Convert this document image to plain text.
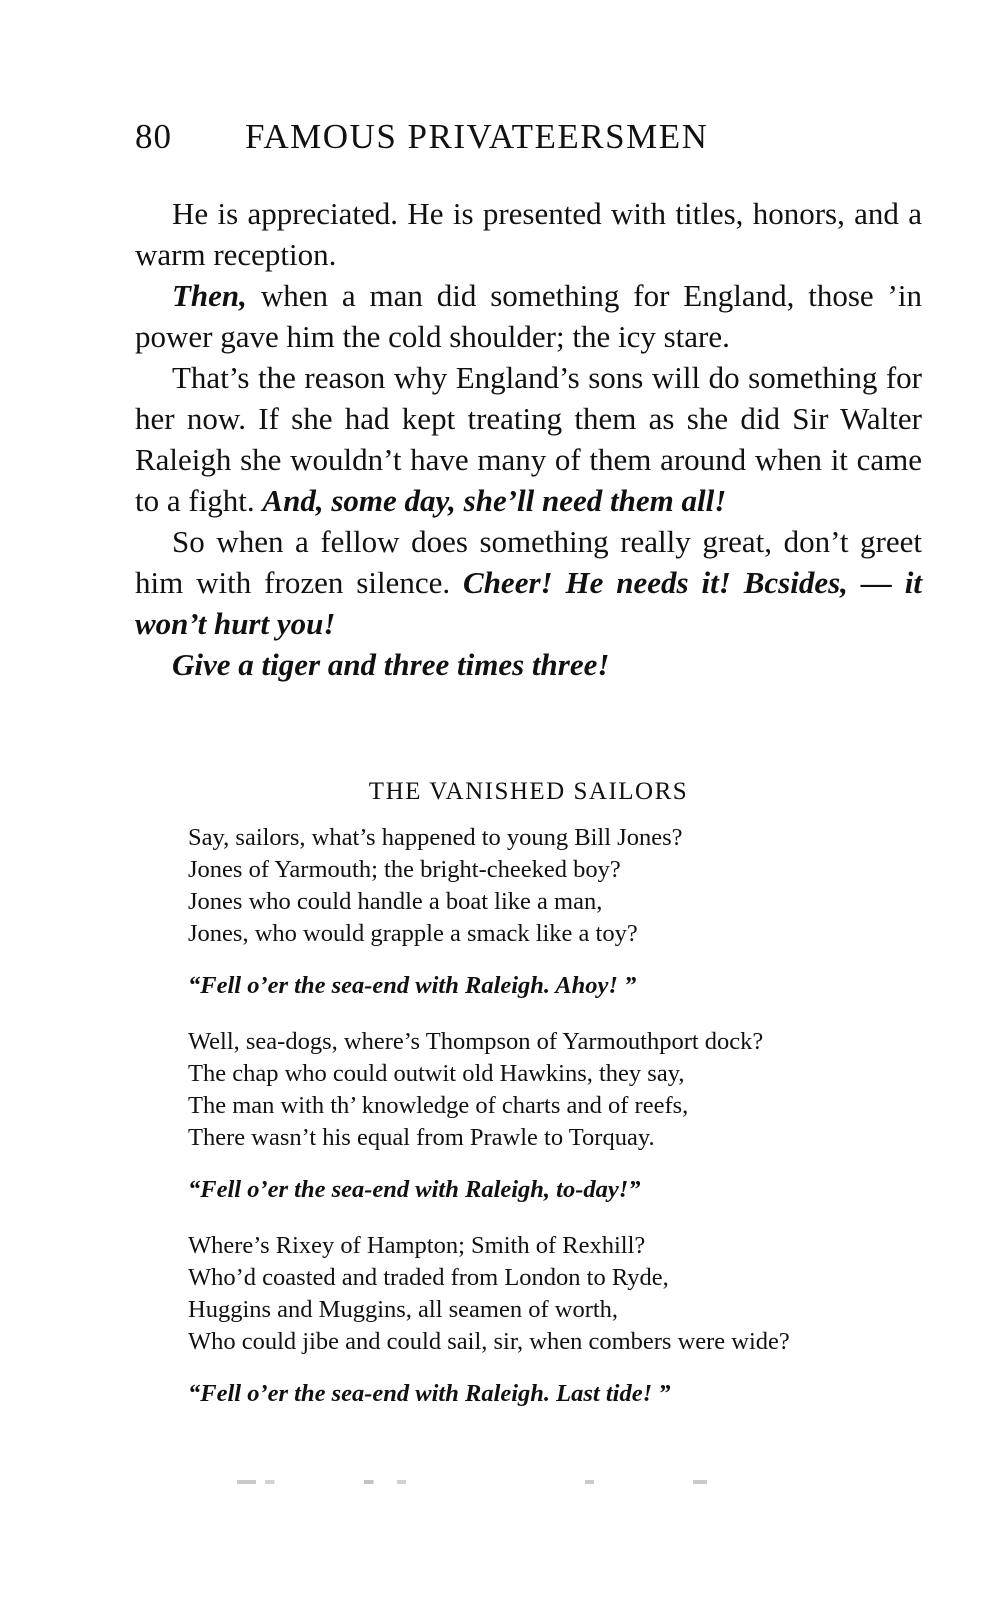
80 FAMOUS PRIVATEERSMEN

He is appreciated. He is presented with titles, honors, and a warm reception.

Then, when a man did something for England, those ’in power gave him the cold shoulder; the icy stare.

That’s the reason why England’s sons will do something for her now. If she had kept treating them as she did Sir Walter Raleigh she wouldn’t have many of them around when it came to a fight. And, some day, she’ll need them all!

So when a fellow does something really great, don’t greet him with frozen silence. Cheer! He needs it! Bcsides, — it won’t hurt you!

Give a tiger and three times three!

THE VANISHED SAILORS
Say, sailors, what’s happened to young Bill Jones?
Jones of Yarmouth; the bright-cheeked boy?
Jones who could handle a boat like a man,
Jones, who would grapple a smack like a toy?
“Fell o’er the sea-end with Raleigh. Ahoy! ”
Well, sea-dogs, where’s Thompson of Yarmouthport dock?
The chap who could outwit old Hawkins, they say,
The man with th’ knowledge of charts and of reefs,
There wasn’t his equal from Prawle to Torquay.
“Fell o’er the sea-end with Raleigh, to-day!”
Where’s Rixey of Hampton; Smith of Rexhill?
Who’d coasted and traded from London to Ryde,
Huggins and Muggins, all seamen of worth,
Who could jibe and could sail, sir, when combers were wide?
“Fell o’er the sea-end with Raleigh. Last tide! ”
